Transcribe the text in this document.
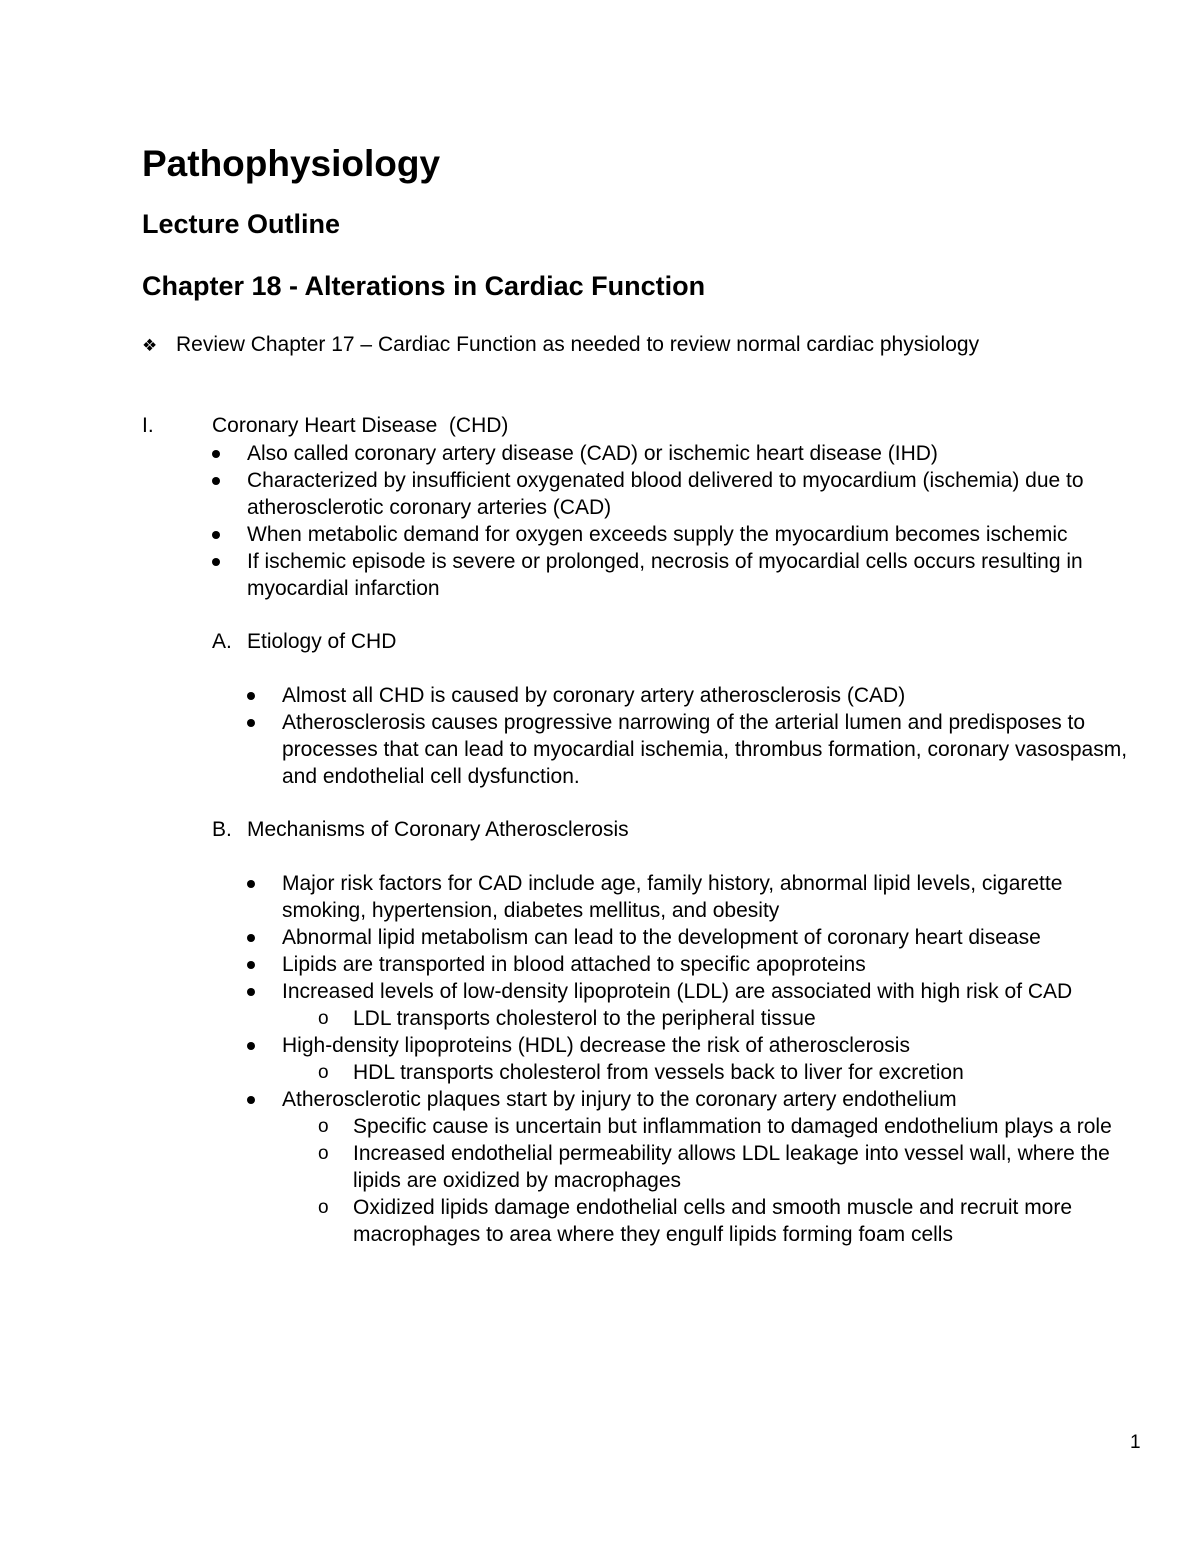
Pathophysiology
Lecture Outline
Chapter 18 - Alterations in Cardiac Function
❖ Review Chapter 17 – Cardiac Function as needed to review normal cardiac physiology
I.	Coronary Heart Disease  (CHD)
Also called coronary artery disease (CAD) or ischemic heart disease (IHD)
Characterized by insufficient oxygenated blood delivered to myocardium (ischemia) due to atherosclerotic coronary arteries (CAD)
When metabolic demand for oxygen exceeds supply the myocardium becomes ischemic
If ischemic episode is severe or prolonged, necrosis of myocardial cells occurs resulting in myocardial infarction
A. Etiology of CHD
Almost all CHD is caused by coronary artery atherosclerosis (CAD)
Atherosclerosis causes progressive narrowing of the arterial lumen and predisposes to processes that can lead to myocardial ischemia, thrombus formation, coronary vasospasm, and endothelial cell dysfunction.
B. Mechanisms of Coronary Atherosclerosis
Major risk factors for CAD include age, family history, abnormal lipid levels, cigarette smoking, hypertension, diabetes mellitus, and obesity
Abnormal lipid metabolism can lead to the development of coronary heart disease
Lipids are transported in blood attached to specific apoproteins
Increased levels of low-density lipoprotein (LDL) are associated with high risk of CAD
o LDL transports cholesterol to the peripheral tissue
High-density lipoproteins (HDL) decrease the risk of atherosclerosis
o HDL transports cholesterol from vessels back to liver for excretion
Atherosclerotic plaques start by injury to the coronary artery endothelium
o Specific cause is uncertain but inflammation to damaged endothelium plays a role
o Increased endothelial permeability allows LDL leakage into vessel wall, where the lipids are oxidized by macrophages
o Oxidized lipids damage endothelial cells and smooth muscle and recruit more macrophages to area where they engulf lipids forming foam cells
1
